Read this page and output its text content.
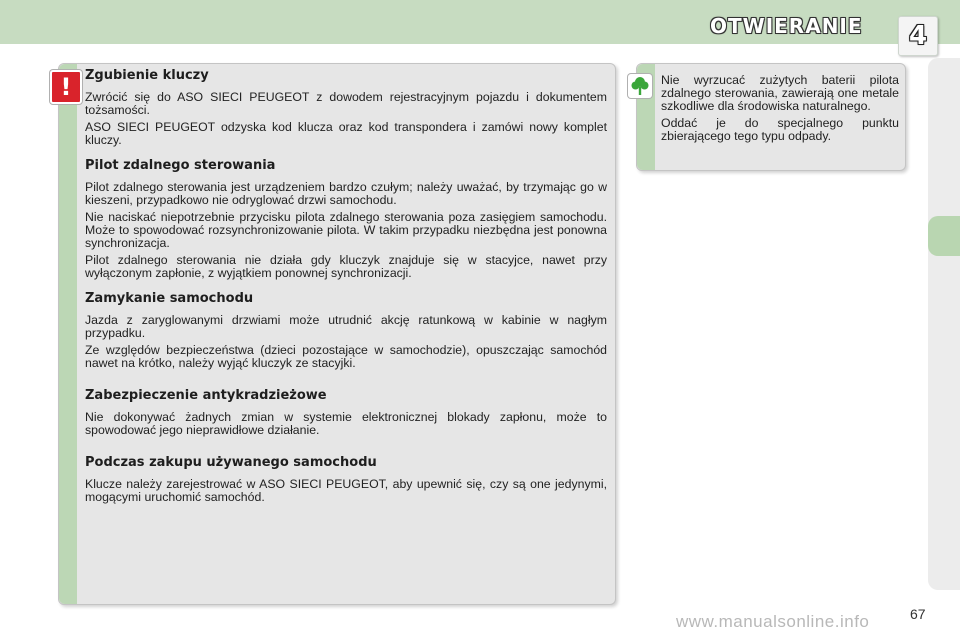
OTWIERANIE	4
Zgubienie kluczy

Zwrócić się do ASO SIECI PEUGEOT z dowodem rejestracyjnym pojazdu i dokumentem tożsamości.

ASO SIECI PEUGEOT odzyska kod klucza oraz kod transpondera i zamówi nowy komplet kluczy.

Pilot zdalnego sterowania

Pilot zdalnego sterowania jest urządzeniem bardzo czułym; należy uważać, by trzymając go w kieszeni, przypadkowo nie odryglować drzwi samochodu.

Nie naciskać niepotrzebnie przycisku pilota zdalnego sterowania poza zasięgiem samochodu. Może to spowodować rozsynchronizowanie pilota. W takim przypadku niezbędna jest ponowna synchronizacja.

Pilot zdalnego sterowania nie działa gdy kluczyk znajduje się w stacyjce, nawet przy wyłączonym zapłonie, z wyjątkiem ponownej synchronizacji.

Zamykanie samochodu

Jazda z zaryglowanymi drzwiami może utrudnić akcję ratunkową w kabinie w nagłym przypadku.

Ze względów bezpieczeństwa (dzieci pozostające w samochodzie), opuszczając samochód nawet na krótko, należy wyjąć kluczyk ze stacyjki.

Zabezpieczenie antykradzieżowe

Nie dokonywać żadnych zmian w systemie elektronicznej blokady zapłonu, może to spowodować jego nieprawidłowe działanie.

Podczas zakupu używanego samochodu

Klucze należy zarejestrować w ASO SIECI PEUGEOT, aby upewnić się, czy są one jedynymi, mogącymi uruchomić samochód.

!	Nie wyrzucać zużytych baterii pilota zdalnego sterowania, zawierają one metale szkodliwe dla środowiska naturalnego.

Oddać je do specjalnego punktu zbierającego tego typu odpady.

67
www.manualsonline.info
